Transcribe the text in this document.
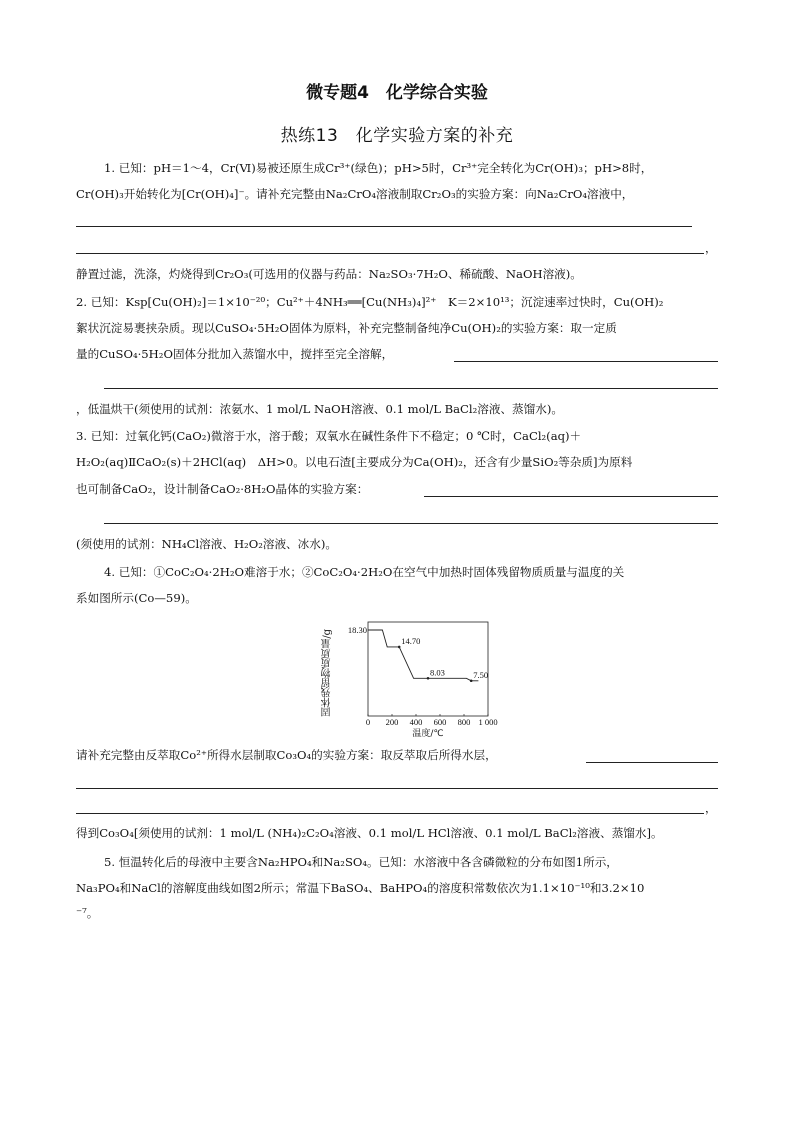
微专题4　化学综合实验
热练13　化学实验方案的补充
1. 已知：pH＝1～4，Cr(Ⅵ)易被还原生成Cr³⁺(绿色)；pH>5时，Cr³⁺完全转化为Cr(OH)₃；pH>8时，
Cr(OH)₃开始转化为[Cr(OH)₄]⁻。请补充完整由Na₂CrO₄溶液制取Cr₂O₃的实验方案：向Na₂CrO₄溶液中，
，
静置过滤，洗涤，灼烧得到Cr₂O₃(可选用的仪器与药品：Na₂SO₃·7H₂O、稀硫酸、NaOH溶液)。
2. 已知：Ksp[Cu(OH)₂]＝1×10⁻²⁰；Cu²⁺＋4NH₃══[Cu(NH₃)₄]²⁺　K＝2×10¹³；沉淀速率过快时，Cu(OH)₂
絮状沉淀易裹挟杂质。现以CuSO₄·5H₂O固体为原料，补充完整制备纯净Cu(OH)₂的实验方案：取一定质
量的CuSO₄·5H₂O固体分批加入蒸馏水中，搅拌至完全溶解，
，低温烘干(须使用的试剂：浓氨水、1 mol/L NaOH溶液、0.1 mol/L BaCl₂溶液、蒸馏水)。
3. 已知：过氧化钙(CaO₂)微溶于水，溶于酸；双氧水在碱性条件下不稳定；0 ℃时，CaCl₂(aq)＋
H₂O₂(aq)ⅡCaO₂(s)＋2HCl(aq)　ΔH>0。以电石渣[主要成分为Ca(OH)₂，还含有少量SiO₂等杂质]为原料
也可制备CaO₂，设计制备CaO₂·8H₂O晶体的实验方案：
(须使用的试剂：NH₄Cl溶液、H₂O₂溶液、冰水)。
4. 已知：①CoC₂O₄·2H₂O难溶于水；②CoC₂O₄·2H₂O在空气中加热时固体残留物质质量与温度的关
系如图所示(Co—59)。
固体残留物质质量/g
0 200 400 600 800 1 000
温度/℃
18.30
14.70
8.03	7.50
请补充完整由反萃取Co²⁺所得水层制取Co₃O₄的实验方案：取反萃取后所得水层，
，
得到Co₃O₄[须使用的试剂：1 mol/L (NH₄)₂C₂O₄溶液、0.1 mol/L HCl溶液、0.1 mol/L BaCl₂溶液、蒸馏水]。
5. 恒温转化后的母液中主要含Na₂HPO₄和Na₂SO₄。已知：水溶液中各含磷微粒的分布如图1所示，
Na₃PO₄和NaCl的溶解度曲线如图2所示；常温下BaSO₄、BaHPO₄的溶度积常数依次为1.1×10⁻¹⁰和3.2×10
⁻⁷。
